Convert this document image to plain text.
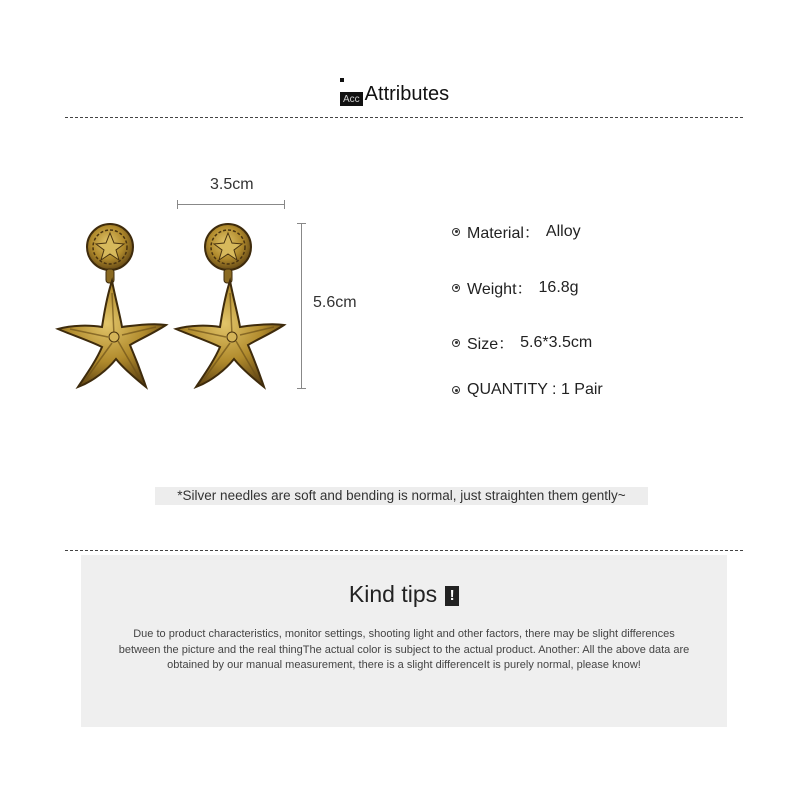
Acc Attributes
3.5cm
5.6cm
Material： Alloy
Weight： 16.8g
Size： 5.6*3.5cm
QUANTITY : 1 Pair
*Silver needles are soft and bending is normal, just straighten them gently~
Kind tips !
Due to product characteristics, monitor settings, shooting light and other factors, there may be slight differences between the picture and the real thingThe actual color is subject to the actual product. Another: All the above data are obtained by our manual measurement, there is a slight differenceIt is purely normal, please know!
